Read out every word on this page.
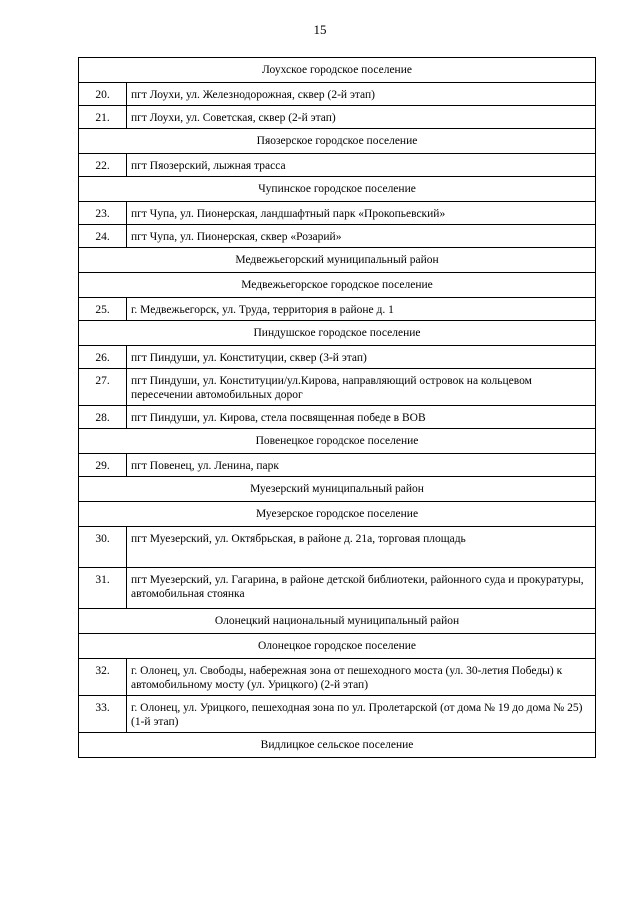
15
Лоухское городское поселение	
20.	пгт Лоухи, ул. Железнодорожная, сквер (2-й этап)
21.	пгт Лоухи, ул. Советская, сквер (2-й этап)
Пяозерское городское поселение	
22.	пгт Пяозерский, лыжная трасса
Чупинское городское поселение	
23.	пгт Чупа, ул. Пионерская, ландшафтный парк «Прокопьевский»
24.	пгт Чупа, ул. Пионерская, сквер «Розарий»
Медвежьегорский муниципальный район	
Медвежьегорское городское поселение	
25.	г. Медвежьегорск, ул. Труда, территория в районе д. 1
Пиндушское городское поселение	
26.	пгт Пиндуши, ул. Конституции, сквер (3-й этап)
27.	пгт Пиндуши, ул. Конституции/ул.Кирова, направляющий островок на кольцевом пересечении автомобильных дорог
28.	пгт Пиндуши, ул. Кирова, стела посвященная победе в ВОВ
Повенецкое городское поселение	
29.	пгт Повенец, ул. Ленина, парк
Муезерский муниципальный район	
Муезерское городское поселение	
30.	пгт Муезерский, ул. Октябрьская, в районе д. 21а, торговая площадь
31.	пгт Муезерский, ул. Гагарина, в районе детской библиотеки, районного суда и прокуратуры, автомобильная стоянка
Олонецкий национальный муниципальный район	
Олонецкое городское поселение	
32.	г. Олонец, ул. Свободы, набережная зона от пешеходного моста (ул. 30-летия Победы) к автомобильному мосту (ул. Урицкого) (2-й этап)
33.	г. Олонец, ул. Урицкого, пешеходная зона по ул. Пролетарской (от дома № 19 до дома № 25) (1-й этап)
Видлицкое сельское поселение	
